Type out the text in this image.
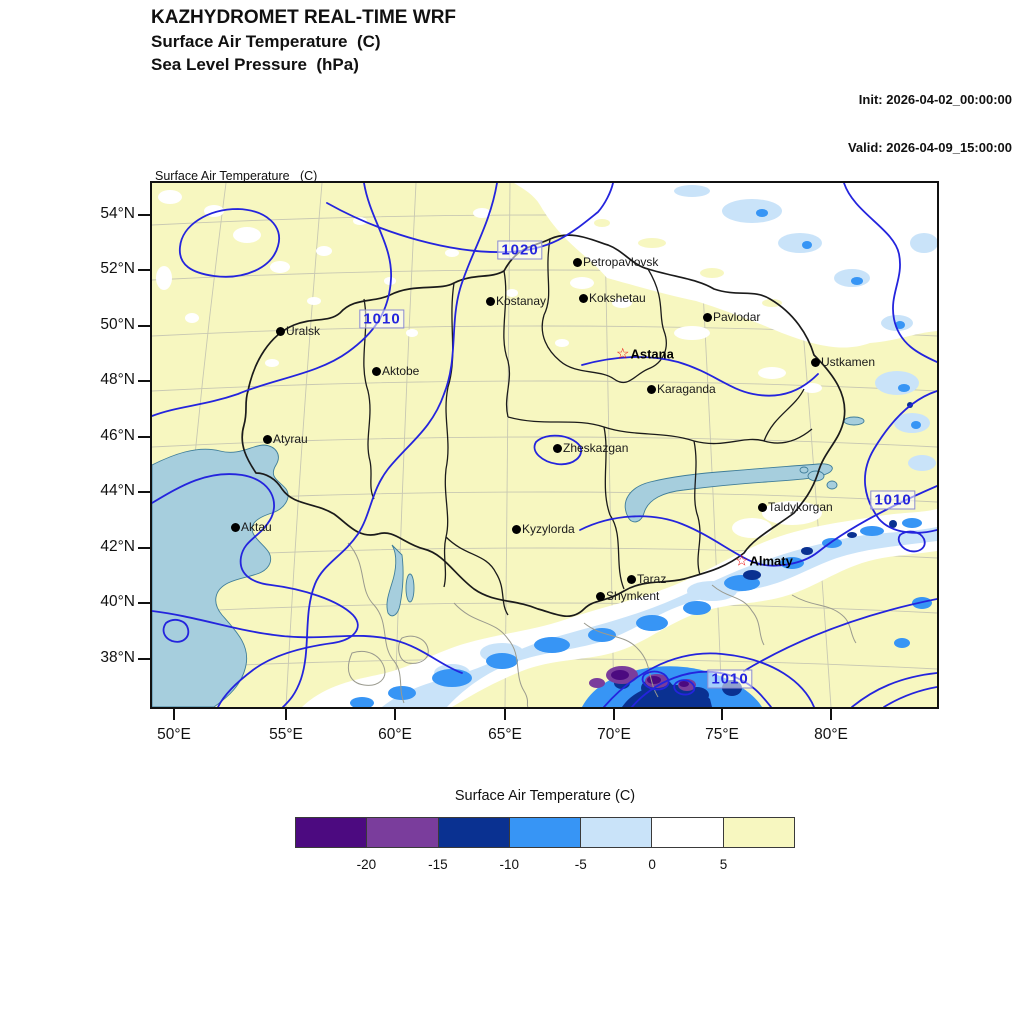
KAZHYDROMET REAL-TIME WRF
Surface Air Temperature  (C)
Sea Level Pressure  (hPa)

Init: 2026-04-02_00:00:00

Valid: 2026-04-09_15:00:00

Surface Air Temperature   (C)

Petropavlovsk
Kostanay	Kokshetau
Pavlodar
Uralsk
☆ Astana
Aktobe
Ustkamen
Karaganda
Atyrau
Zheskazgan
Taldykorgan
Aktau	Kyzylorda
☆ Almaty
Taraz
Shymkent
1020
1010
1010
1010
54°N
52°N
50°N
48°N
46°N
44°N
42°N
40°N
38°N
50°E	55°E	60°E	65°E	70°E	75°E	80°E
Surface Air Temperature (C)
-20	-15	-10	-5	0	5
